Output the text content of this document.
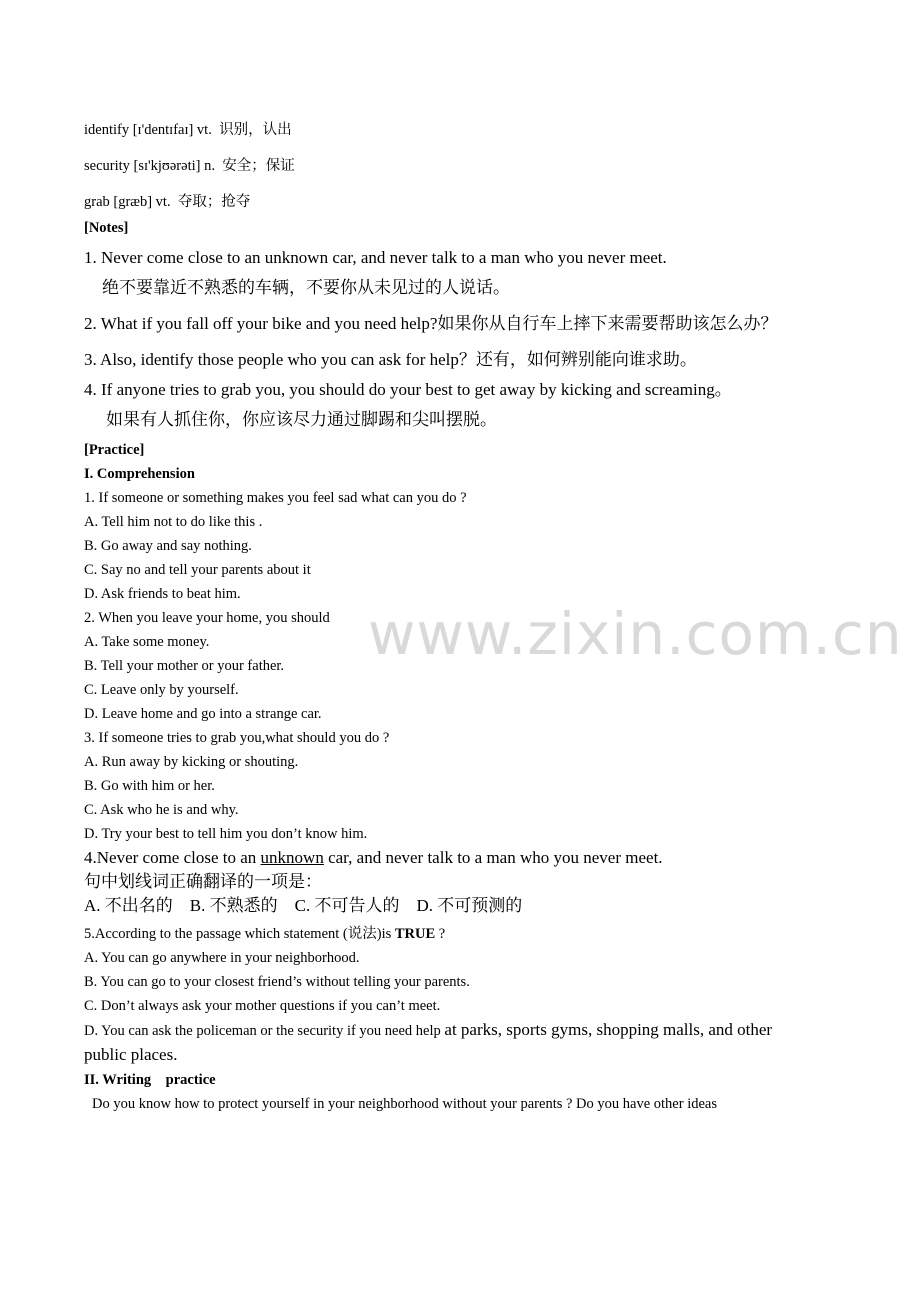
www.zixin.com.cn
identify [ɪ'dentɪfaɪ] vt. 识别，认出
security [sɪ'kjʊərəti] n. 安全；保证
grab [græb] vt. 夺取；抢夺
[Notes]
1. Never come close to an unknown car, and never talk to a man who you never meet.
绝不要靠近不熟悉的车辆，不要你从未见过的人说话。
2. What if you fall off your bike and you need help?如果你从自行车上摔下来需要帮助该怎么办？
3. Also, identify those people who you can ask for help？还有，如何辨别能向谁求助。
4. If anyone tries to grab you, you should do your best to get away by kicking and screaming。
如果有人抓住你，你应该尽力通过脚踢和尖叫摆脱。
[Practice]
I. Comprehension
1. If someone or something makes you feel sad what can you do ?
A. Tell him not to do like this .
B. Go away and say nothing.
C. Say no and tell your parents about it
D. Ask friends to beat him.
2. When you leave your home, you should
A. Take some money.
B. Tell your mother or your father.
C. Leave only by yourself.
D. Leave home and go into a strange car.
3. If someone tries to grab you,what should you do ?
A. Run away by kicking or shouting.
B. Go with him or her.
C. Ask who he is and why.
D. Try your best to tell him you don’t know him.
4.Never come close to an unknown car, and never talk to a man who you never meet.
句中划线词正确翻译的一项是：
A. 不出名的 B. 不熟悉的 C. 不可告人的 D. 不可预测的
5.According to the passage which statement (说法)is TRUE ?
A. You can go anywhere in your neighborhood.
B. You can go to your closest friend’s without telling your parents.
C. Don’t always ask your mother questions if you can’t meet.
D. You can ask the policeman or the security if you need help at parks, sports gyms, shopping malls, and other public places.
II. Writing    practice
Do you know how to protect yourself in your neighborhood without your parents ? Do you have other ideas
